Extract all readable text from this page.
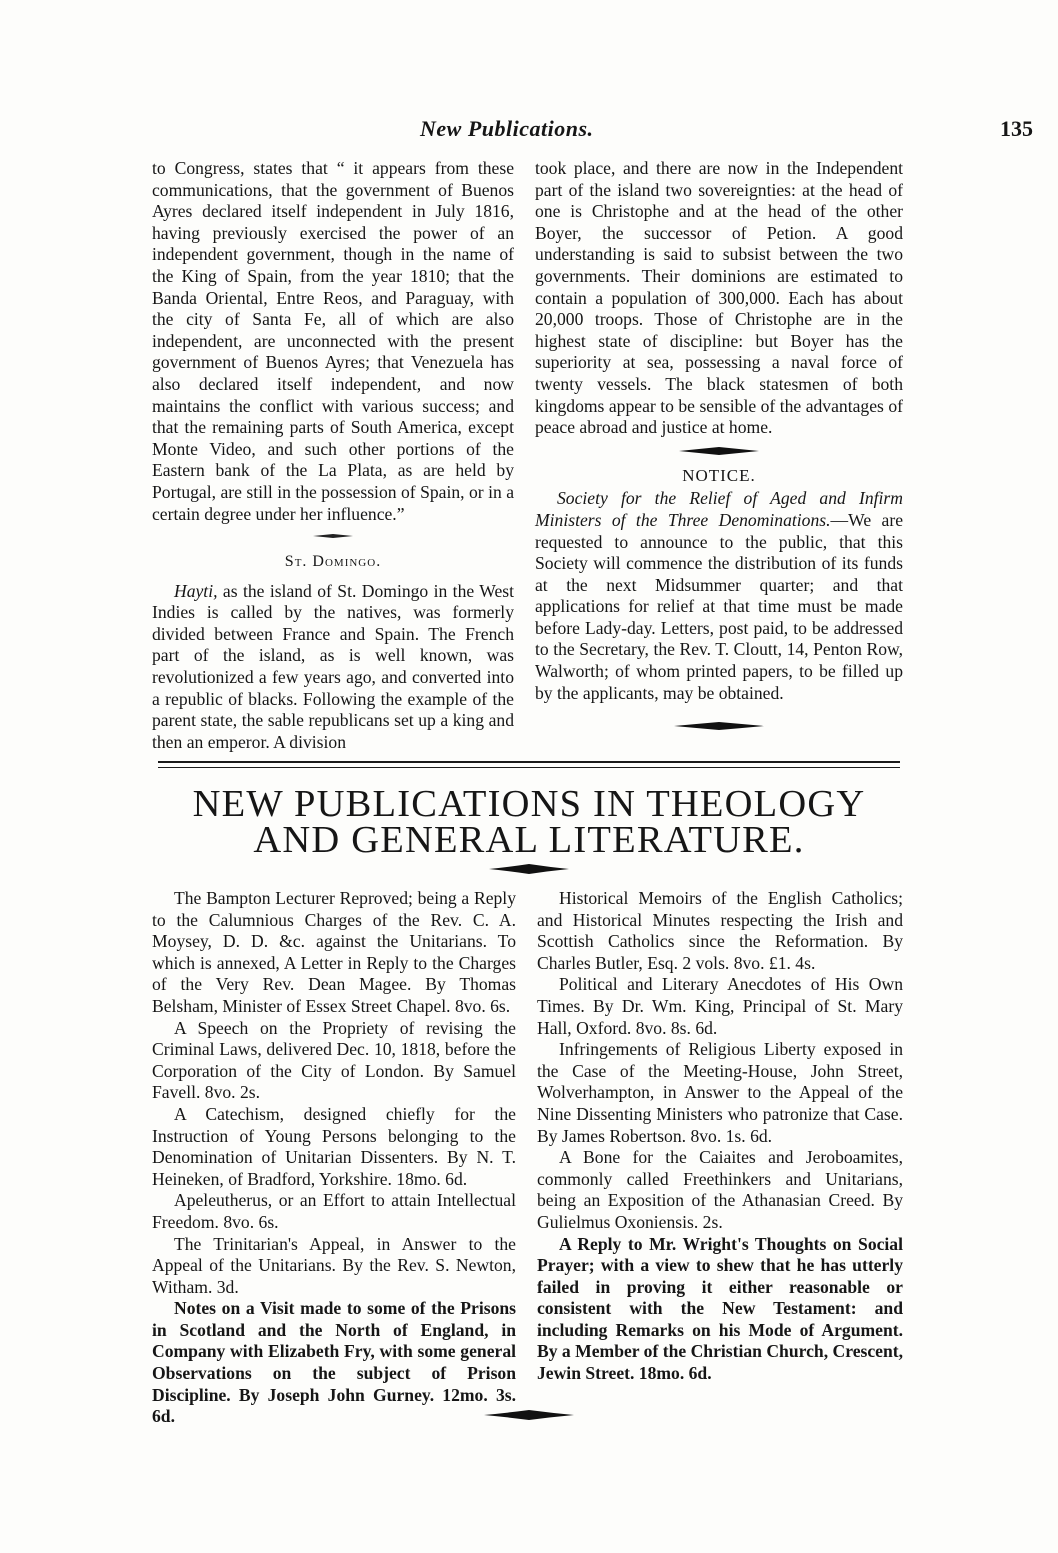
New Publications.	135

to Congress, states that “ it appears from these communications, that the government of Buenos Ayres declared itself independent in July 1816, having previously exercised the power of an independent government, though in the name of the King of Spain, from the year 1810; that the Banda Oriental, Entre Reos, and Paraguay, with the city of Santa Fe, all of which are also independent, are unconnected with the present government of Buenos Ayres; that Venezuela has also declared itself independent, and now maintains the conflict with various success; and that the remaining parts of South America, except Monte Video, and such other portions of the Eastern bank of the La Plata, as are held by Portugal, are still in the possession of Spain, or in a certain degree under her influence.”

St. Domingo.

Hayti, as the island of St. Domingo in the West Indies is called by the natives, was formerly divided between France and Spain. The French part of the island, as is well known, was revolutionized a few years ago, and converted into a republic of blacks. Following the example of the parent state, the sable republicans set up a king and then an emperor. A division

took place, and there are now in the Independent part of the island two sovereignties: at the head of one is Christophe and at the head of the other Boyer, the successor of Petion. A good understanding is said to subsist between the two governments. Their dominions are estimated to contain a population of 300,000. Each has about 20,000 troops. Those of Christophe are in the highest state of discipline: but Boyer has the superiority at sea, possessing a naval force of twenty vessels. The black statesmen of both kingdoms appear to be sensible of the advantages of peace abroad and justice at home.

NOTICE.

Society for the Relief of Aged and Infirm Ministers of the Three Denominations.—We are requested to announce to the public, that this Society will commence the distribution of its funds at the next Midsummer quarter; and that applications for relief at that time must be made before Lady-day. Letters, post paid, to be addressed to the Secretary, the Rev. T. Cloutt, 14, Penton Row, Walworth; of whom printed papers, to be filled up by the applicants, may be obtained.

NEW PUBLICATIONS IN THEOLOGY
AND GENERAL LITERATURE.

The Bampton Lecturer Reproved; being a Reply to the Calumnious Charges of the Rev. C. A. Moysey, D. D. &c. against the Unitarians. To which is annexed, A Letter in Reply to the Charges of the Very Rev. Dean Magee. By Thomas Belsham, Minister of Essex Street Chapel. 8vo. 6s.

A Speech on the Propriety of revising the Criminal Laws, delivered Dec. 10, 1818, before the Corporation of the City of London. By Samuel Favell. 8vo. 2s.

A Catechism, designed chiefly for the Instruction of Young Persons belonging to the Denomination of Unitarian Dissenters. By N. T. Heineken, of Bradford, Yorkshire. 18mo. 6d.

Apeleutherus, or an Effort to attain Intellectual Freedom. 8vo. 6s.

The Trinitarian's Appeal, in Answer to the Appeal of the Unitarians. By the Rev. S. Newton, Witham. 3d.

Notes on a Visit made to some of the Prisons in Scotland and the North of England, in Company with Elizabeth Fry, with some general Observations on the subject of Prison Discipline. By Joseph John Gurney. 12mo. 3s. 6d.

Historical Memoirs of the English Catholics; and Historical Minutes respecting the Irish and Scottish Catholics since the Reformation. By Charles Butler, Esq. 2 vols. 8vo. £1. 4s.

Political and Literary Anecdotes of His Own Times. By Dr. Wm. King, Principal of St. Mary Hall, Oxford. 8vo. 8s. 6d.

Infringements of Religious Liberty exposed in the Case of the Meeting-House, John Street, Wolverhampton, in Answer to the Appeal of the Nine Dissenting Ministers who patronize that Case. By James Robertson. 8vo. 1s. 6d.

A Bone for the Caiaites and Jeroboamites, commonly called Freethinkers and Unitarians, being an Exposition of the Athanasian Creed. By Gulielmus Oxoniensis. 2s.

A Reply to Mr. Wright's Thoughts on Social Prayer; with a view to shew that he has utterly failed in proving it either reasonable or consistent with the New Testament: and including Remarks on his Mode of Argument. By a Member of the Christian Church, Crescent, Jewin Street. 18mo. 6d.
